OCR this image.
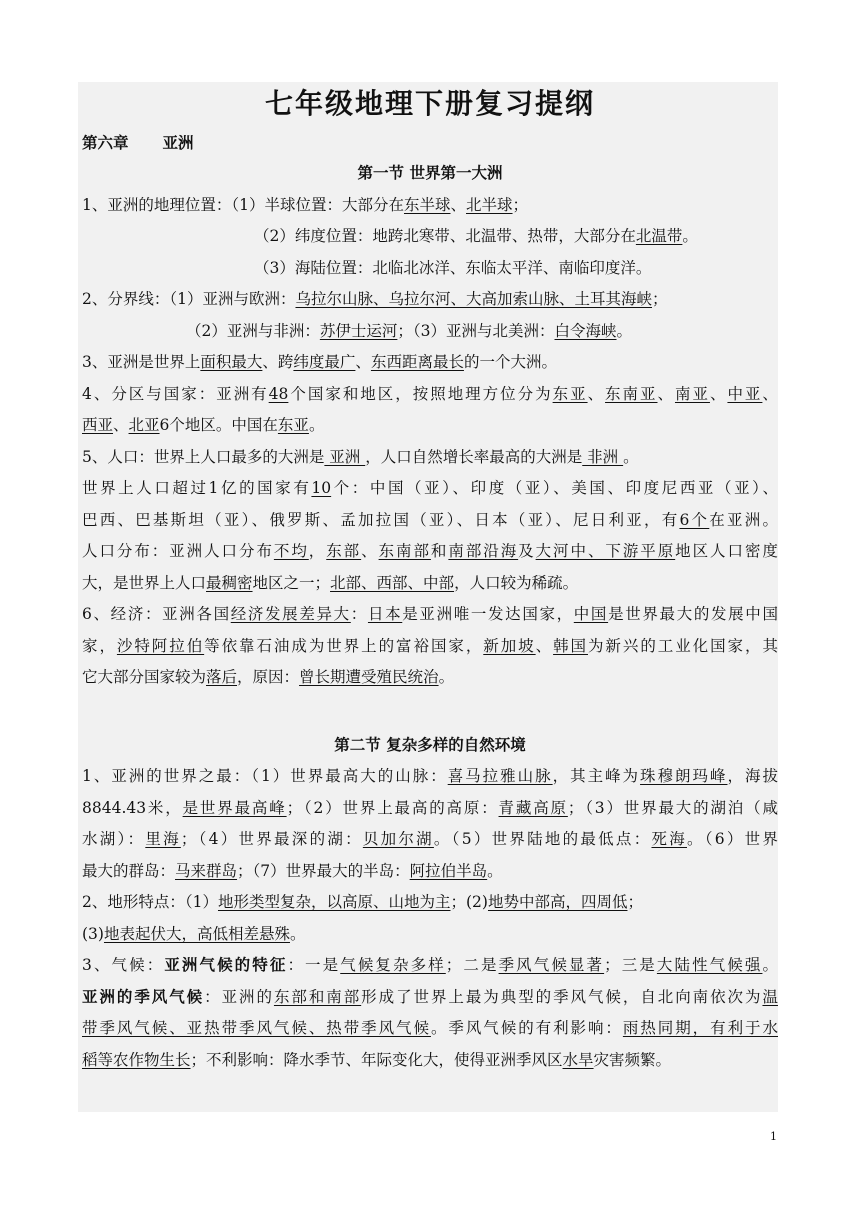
七年级地理下册复习提纲

第六章 亚洲

第一节 世界第一大洲

1、亚洲的地理位置：（1）半球位置：大部分在东半球、北半球；

（2）纬度位置：地跨北寒带、北温带、热带，大部分在北温带。

（3）海陆位置：北临北冰洋、东临太平洋、南临印度洋。

2、分界线：（1）亚洲与欧洲：乌拉尔山脉、乌拉尔河、大高加索山脉、土耳其海峡；

（2）亚洲与非洲：苏伊士运河；（3）亚洲与北美洲：白令海峡。

3、亚洲是世界上面积最大、跨纬度最广、东西距离最长的一个大洲。

4、分区与国家：亚洲有48个国家和地区，按照地理方位分为东亚、东南亚、南亚、中亚、

西亚、北亚6个地区。中国在东亚。

5、人口：世界上人口最多的大洲是 亚洲 ，人口自然增长率最高的大洲是 非洲 。

世界上人口超过1亿的国家有10个：中国（亚）、印度（亚）、美国、印度尼西亚（亚）、

巴西、巴基斯坦（亚）、俄罗斯、孟加拉国（亚）、日本（亚）、尼日利亚，有6个在亚洲。

人口分布：亚洲人口分布不均，东部、东南部和南部沿海及大河中、下游平原地区人口密度

大，是世界上人口最稠密地区之一；北部、西部、中部，人口较为稀疏。

6、经济：亚洲各国经济发展差异大：日本是亚洲唯一发达国家，中国是世界最大的发展中国

家，沙特阿拉伯等依靠石油成为世界上的富裕国家，新加坡、韩国为新兴的工业化国家，其

它大部分国家较为落后，原因：曾长期遭受殖民统治。

第二节 复杂多样的自然环境

1、亚洲的世界之最：（1）世界最高大的山脉：喜马拉雅山脉，其主峰为珠穆朗玛峰，海拔

8844.43米，是世界最高峰；（2）世界上最高的高原：青藏高原；（3）世界最大的湖泊（咸

水湖）：里海；（4）世界最深的湖：贝加尔湖。（5）世界陆地的最低点：死海。（6）世界

最大的群岛：马来群岛；（7）世界最大的半岛：阿拉伯半岛。

2、地形特点：（1）地形类型复杂，以高原、山地为主；(2)地势中部高，四周低；

(3)地表起伏大，高低相差悬殊。

3、气候：亚洲气候的特征：一是气候复杂多样；二是季风气候显著；三是大陆性气候强。

亚洲的季风气候：亚洲的东部和南部形成了世界上最为典型的季风气候，自北向南依次为温

带季风气候、亚热带季风气候、热带季风气候。季风气候的有利影响：雨热同期，有利于水

稻等农作物生长；不利影响：降水季节、年际变化大，使得亚洲季风区水旱灾害频繁。

1
